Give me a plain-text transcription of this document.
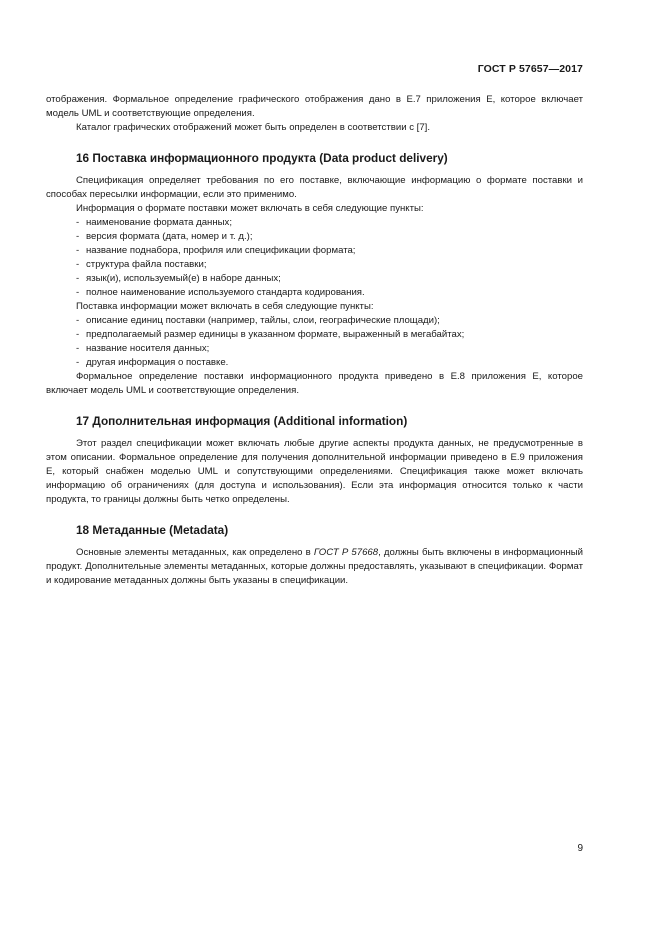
ГОСТ Р 57657—2017

отображения. Формальное определение графического отображения дано в Е.7 приложения Е, которое включает модель UML и соответствующие определения.

Каталог графических отображений может быть определен в соответствии с [7].

16 Поставка информационного продукта (Data product delivery)

Спецификация определяет требования по его поставке, включающие информацию о формате поставки и способах пересылки информации, если это применимо.

Информация о формате поставки может включать в себя следующие пункты:

- наименование формата данных;
- версия формата (дата, номер и т. д.);
- название поднабора, профиля или спецификации формата;
- структура файла поставки;
- язык(и), используемый(е) в наборе данных;
- полное наименование используемого стандарта кодирования.

Поставка информации может включать в себя следующие пункты:

- описание единиц поставки (например, тайлы, слои, географические площади);
- предполагаемый размер единицы в указанном формате, выраженный в мегабайтах;
- название носителя данных;
- другая информация о поставке.

Формальное определение поставки информационного продукта приведено в Е.8 приложения Е, которое включает модель UML и соответствующие определения.

17 Дополнительная информация (Additional information)

Этот раздел спецификации может включать любые другие аспекты продукта данных, не предусмотренные в этом описании. Формальное определение для получения дополнительной информации приведено в Е.9 приложения Е, который снабжен моделью UML и сопутствующими определениями. Спецификация также может включать информацию об ограничениях (для доступа и использования). Если эта информация относится только к части продукта, то границы должны быть четко определены.

18 Метаданные (Metadata)

Основные элементы метаданных, как определено в ГОСТ Р 57668, должны быть включены в информационный продукт. Дополнительные элементы метаданных, которые должны предоставлять, указывают в спецификации. Формат и кодирование метаданных должны быть указаны в спецификации.

9
